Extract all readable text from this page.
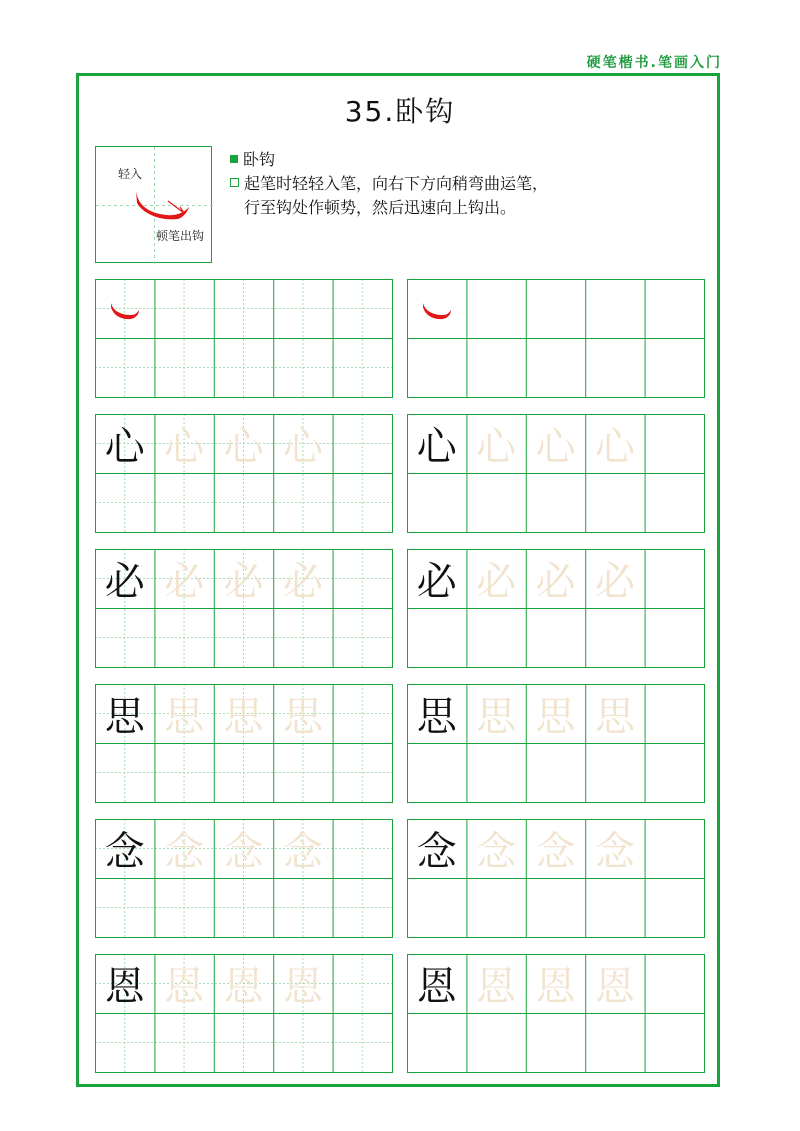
硬笔楷书.笔画入门
35.卧钩
轻入
顿笔出钩
卧钩
起笔时轻轻入笔，向右下方向稍弯曲运笔，
行至钩处作顿势，然后迅速向上钩出。
心 心 心 心 心 心 心 心
必 必 必 必 必 必 必 必
思 思 思 思 思 思 思 思
念 念 念 念 念 念 念 念
恩 恩 恩 恩 恩 恩 恩 恩
